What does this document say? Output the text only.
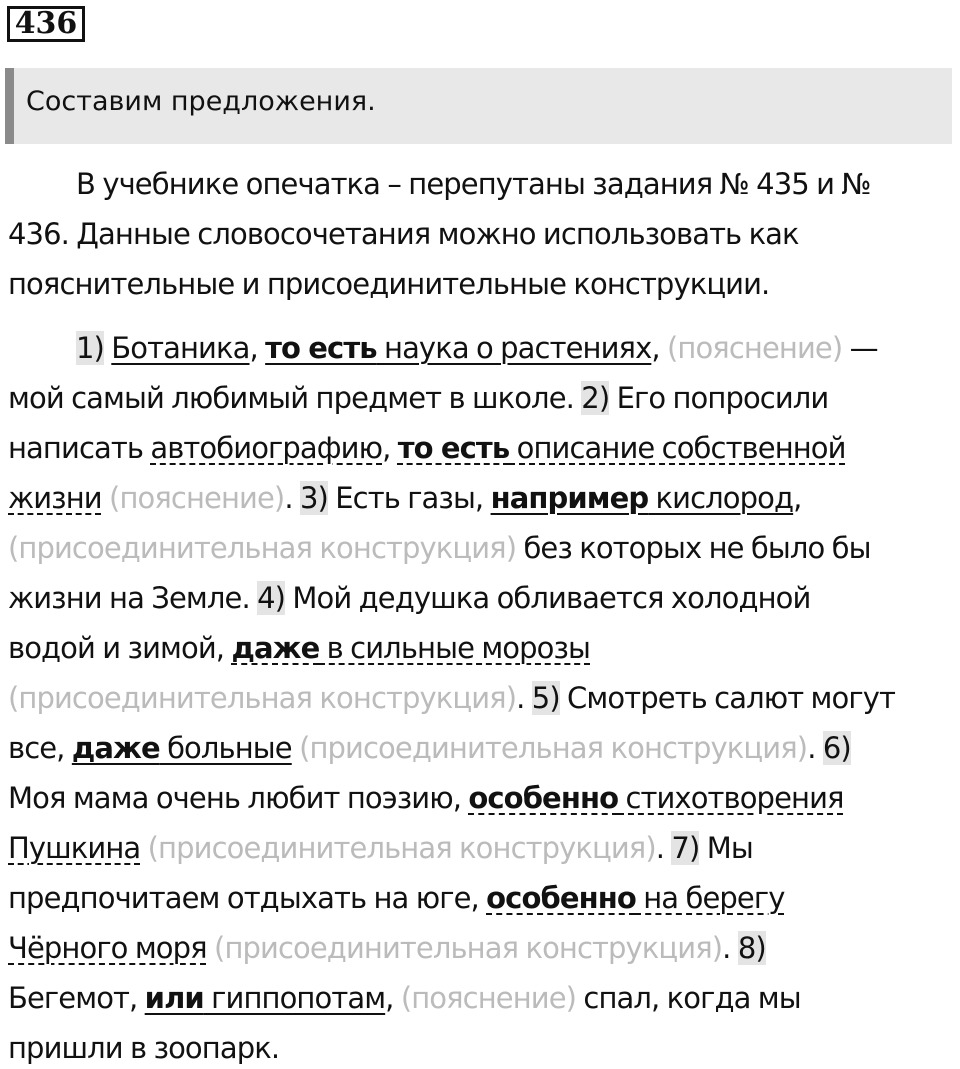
436
Составим предложения.
В учебнике опечатка – перепутаны задания № 435 и №
436. Данные словосочетания можно использовать как
пояснительные и присоединительные конструкции.
1) Ботаника, то есть наука о растениях, (пояснение) —
мой самый любимый предмет в школе. 2) Его попросили
написать автобиографию, то есть описание собственной
жизни (пояснение). 3) Есть газы, например кислород,
(присоединительная конструкция) без которых не было бы
жизни на Земле. 4) Мой дедушка обливается холодной
водой и зимой, даже в сильные морозы
(присоединительная конструкция). 5) Смотреть салют могут
все, даже больные (присоединительная конструкция). 6)
Моя мама очень любит поэзию, особенно стихотворения
Пушкина (присоединительная конструкция). 7) Мы
предпочитаем отдыхать на юге, особенно на берегу
Чёрного моря (присоединительная конструкция). 8)
Бегемот, или гиппопотам, (пояснение) спал, когда мы
пришли в зоопарк.
